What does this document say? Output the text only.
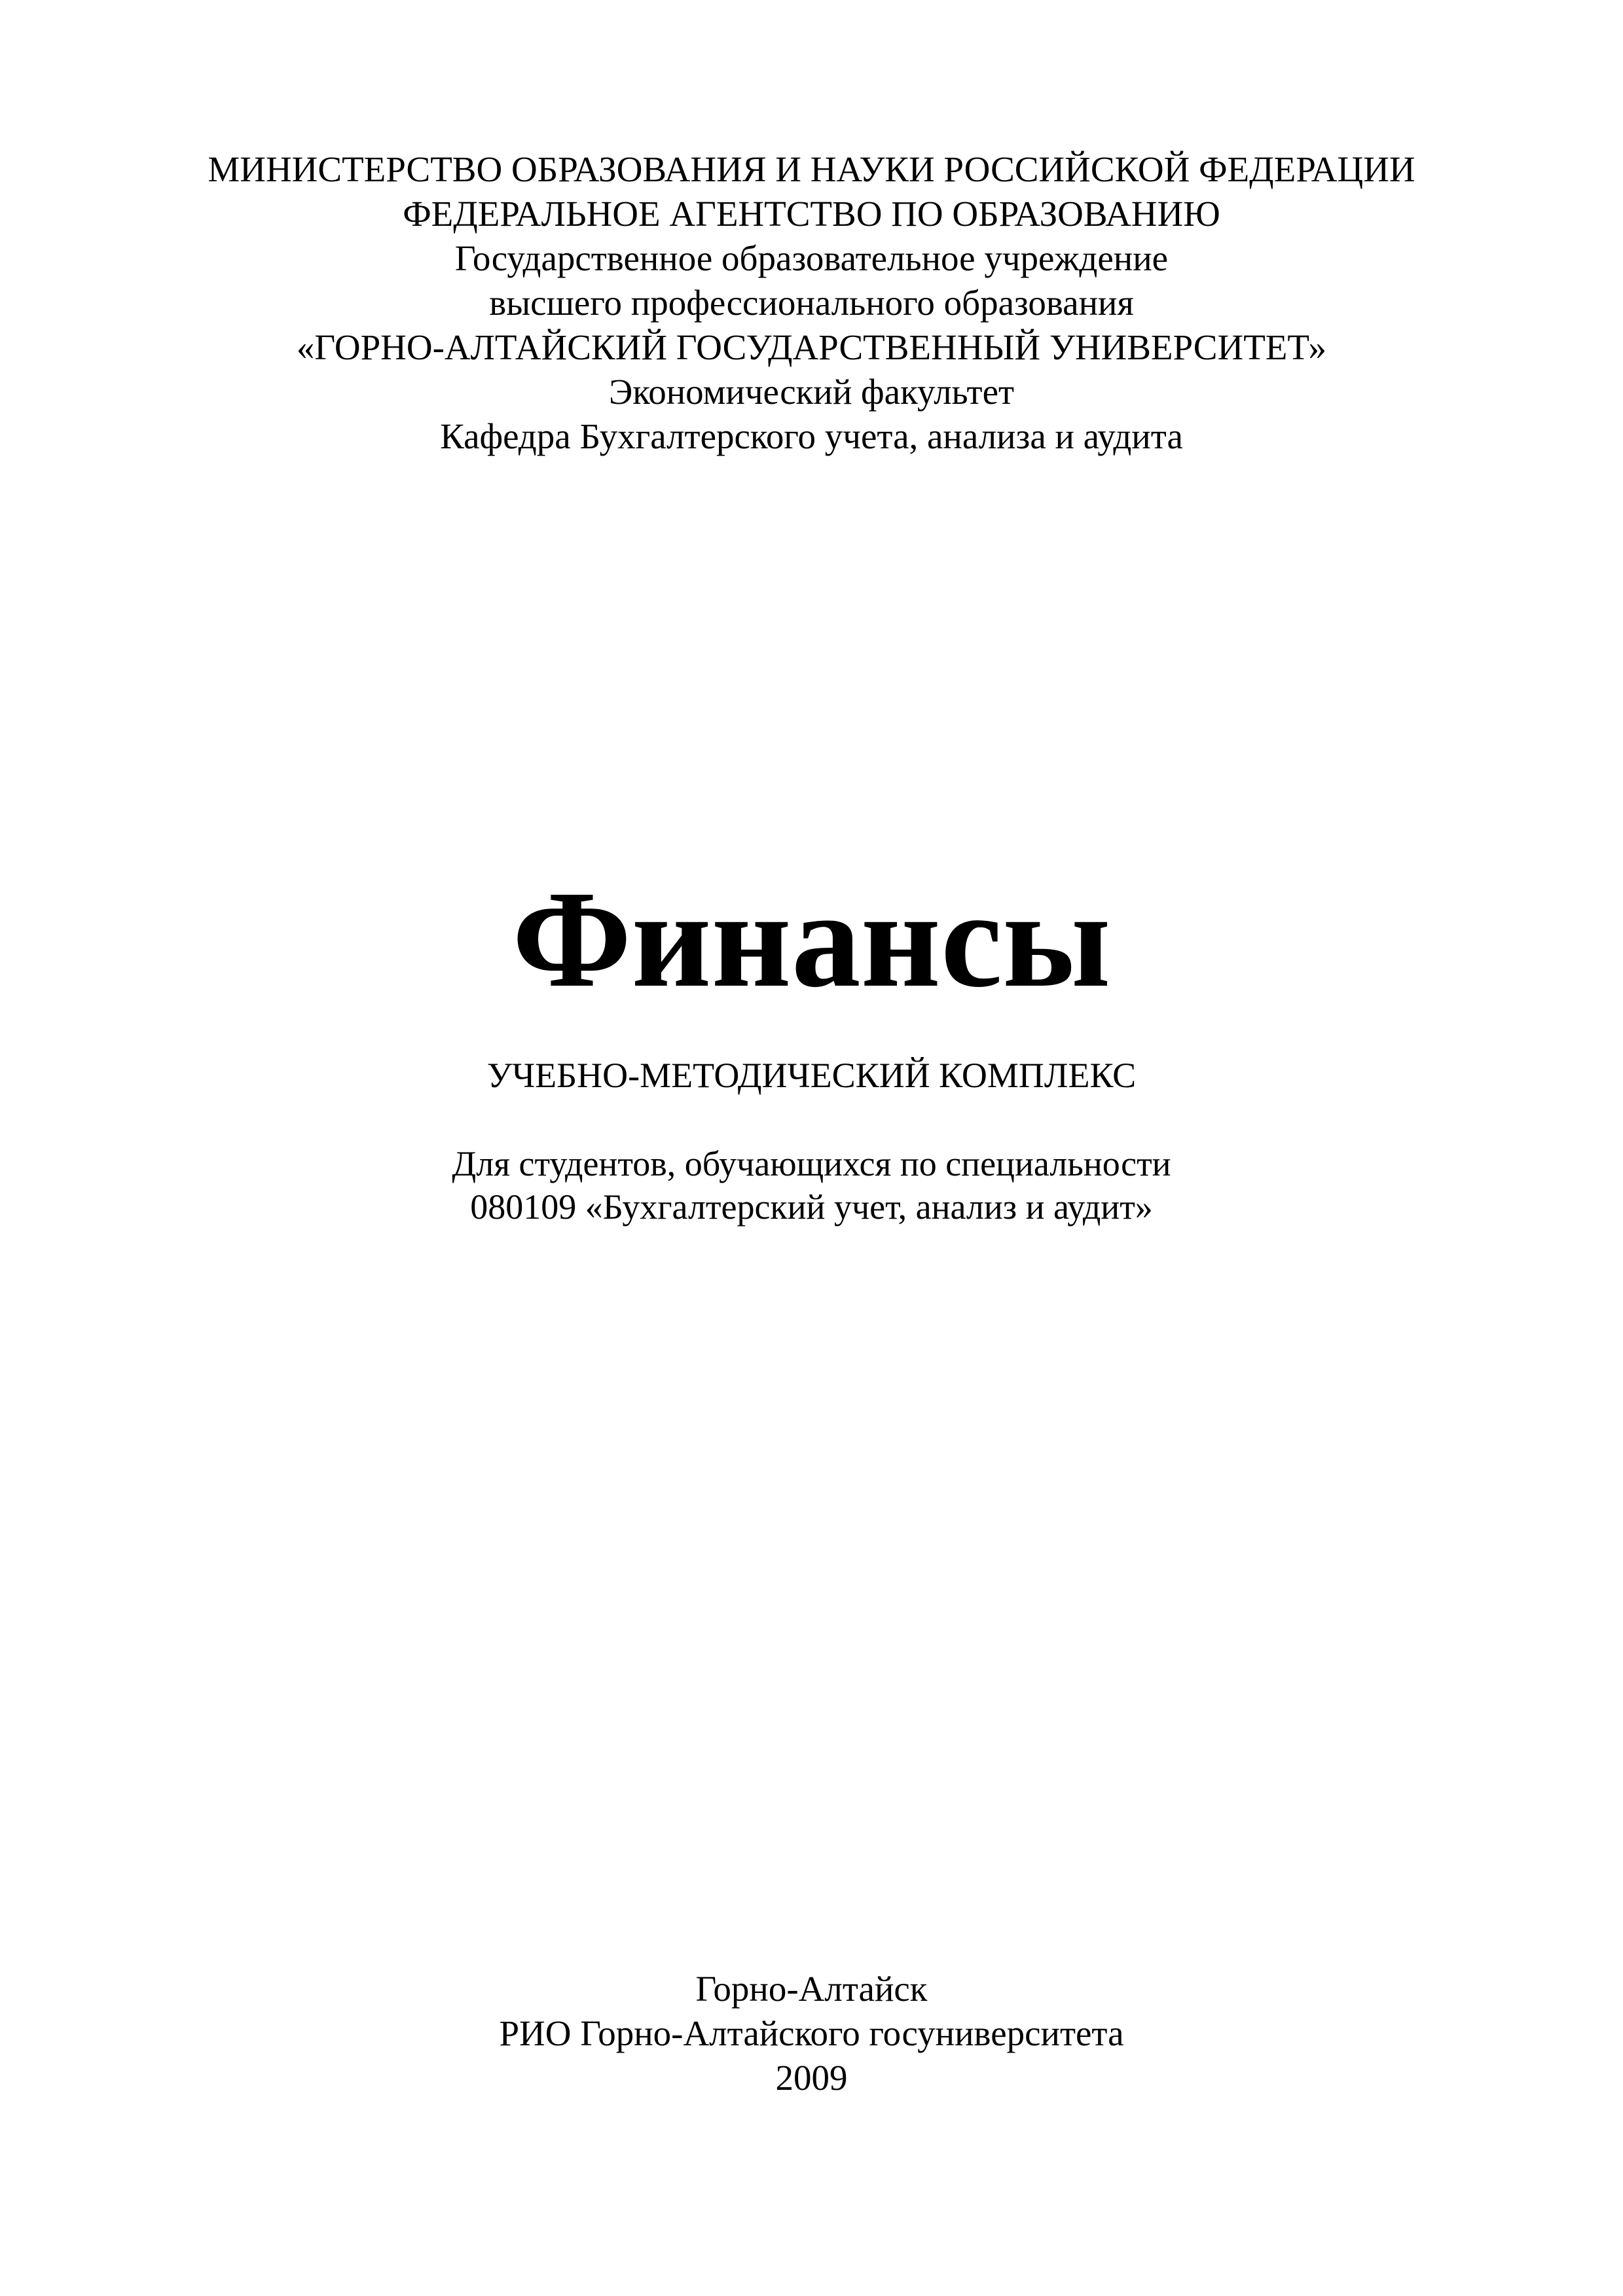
МИНИСТЕРСТВО ОБРАЗОВАНИЯ И НАУКИ РОССИЙСКОЙ ФЕДЕРАЦИИ
ФЕДЕРАЛЬНОЕ АГЕНТСТВО ПО ОБРАЗОВАНИЮ
Государственное образовательное учреждение
высшего профессионального образования
«ГОРНО-АЛТАЙСКИЙ ГОСУДАРСТВЕННЫЙ УНИВЕРСИТЕТ»
Экономический факультет
Кафедра Бухгалтерского учета, анализа и аудита
Финансы
УЧЕБНО-МЕТОДИЧЕСКИЙ КОМПЛЕКС
Для студентов, обучающихся по специальности
080109 «Бухгалтерский учет, анализ и аудит»
Горно-Алтайск
РИО Горно-Алтайского госуниверситета
2009
